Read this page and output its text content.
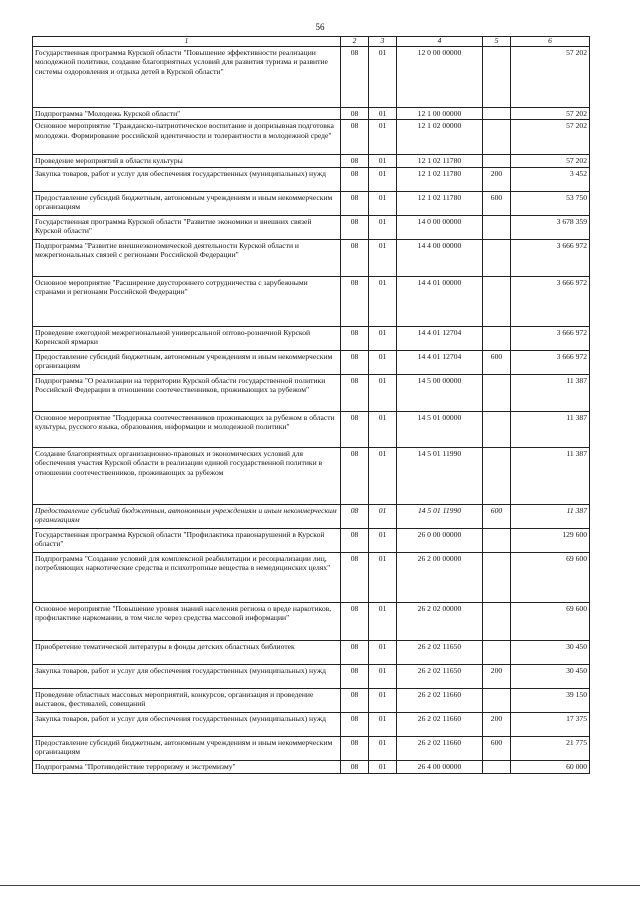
56
1	2	3	4	5	6
Государственная программа Курской области "Повышение эффективности реализации молодежной политики, создание благоприятных условий для развития туризма и развитие системы оздоровления и отдыха детей в Курской области"	08	01	12 0 00 00000		57 202
Подпрограмма "Молодежь Курской области"	08	01	12 1 00 00000		57 202
Основное мероприятие "Гражданско-патриотическое воспитание и допризывная подготовка молодежи. Формирование российской идентичности и толерантности в молодежной среде"	08	01	12 1 02 00000		57 202
Проведение мероприятий в области культуры	08	01	12 1 02 11780		57 202
Закупка товаров, работ и услуг для обеспечения государственных (муниципальных) нужд	08	01	12 1 02 11780	200	3 452
Предоставление субсидий бюджетным, автономным учреждениям и иным некоммерческим организациям	08	01	12 1 02 11780	600	53 750
Государственная программа Курской области "Развитие экономики и внешних связей Курской области"	08	01	14 0 00 00000		3 678 359
Подпрограмма "Развитие внешнеэкономической деятельности Курской области и межрегиональных связей с регионами Российской Федерации"	08	01	14 4 00 00000		3 666 972
Основное мероприятие "Расширение двустороннего сотрудничества с зарубежными странами и регионами Российской Федерации"	08	01	14 4 01 00000		3 666 972
Проведение ежегодной межрегиональной универсальной оптово-розничной Курской Коренской ярмарки	08	01	14 4 01 12704		3 666 972
Предоставление субсидий бюджетным, автономным учреждениям и иным некоммерческим организациям	08	01	14 4 01 12704	600	3 666 972
Подпрограмма "О реализации на территории Курской области государственной политики Российской Федерации в отношении соотечественников, проживающих за рубежом"	08	01	14 5 00 00000		11 387
Основное мероприятие "Поддержка соотечественников проживающих за рубежом в области культуры, русского языка, образования, информации и молодежной политики"	08	01	14 5 01 00000		11 387
Создание благоприятных организационно-правовых и экономических условий для обеспечения участия Курской области в реализации единой государственной политики в отношении соотечественников, проживающих за рубежом	08	01	14 5 01 11990		11 387
Предоставление субсидий бюджетным, автономным учреждениям и иным некоммерческим организациям	08	01	14 5 01 11990	600	11 387
Государственная программа Курской области "Профилактика правонарушений в Курской области"	08	01	26 0 00 00000		129 600
Подпрограмма "Создание условий для комплексной реабилитации и ресоциализации лиц, потребляющих наркотические средства и психотропные вещества в немедицинских целях"	08	01	26 2 00 00000		69 600
Основное мероприятие "Повышение уровня знаний населения региона о вреде наркотиков, профилактике наркомании, в том числе через средства массовой информации"	08	01	26 2 02 00000		69 600
Приобретение тематической литературы в фонды детских областных библиотек	08	01	26 2 02 11650		30 450
Закупка товаров, работ и услуг для обеспечения государственных (муниципальных) нужд	08	01	26 2 02 11650	200	30 450
Проведение областных массовых мероприятий, конкурсов, организация и проведение выставок, фестивалей, совещаний	08	01	26 2 02 11660		39 150
Закупка товаров, работ и услуг для обеспечения государственных (муниципальных) нужд	08	01	26 2 02 11660	200	17 375
Предоставление субсидий бюджетным, автономным учреждениям и иным некоммерческим организациям	08	01	26 2 02 11660	600	21 775
Подпрограмма "Противодействие терроризму и экстремизму"	08	01	26 4 00 00000		60 000
